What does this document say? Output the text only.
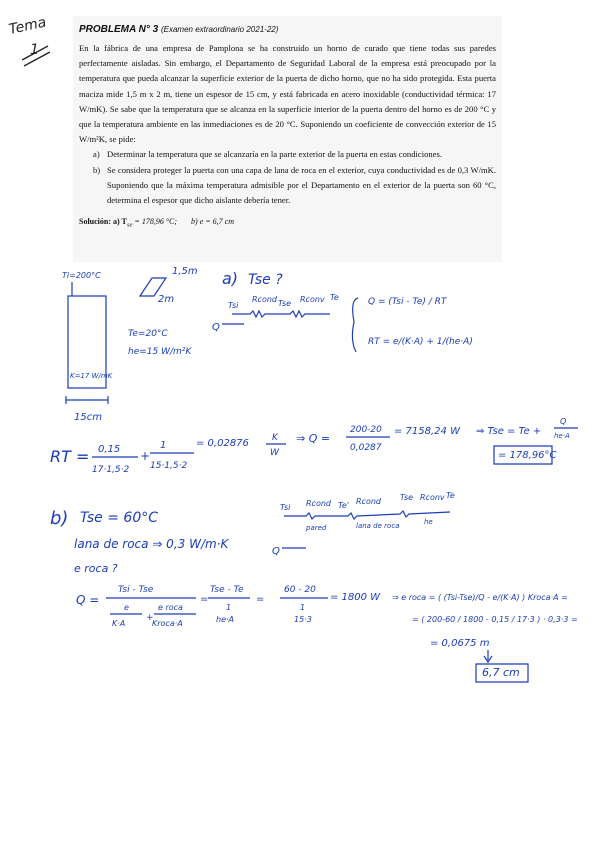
PROBLEMA N° 3 (Examen extraordinario 2021-22)

En la fábrica de una empresa de Pamplona se ha construido un horno de curado que tiene todas sus paredes perfectamente aisladas. Sin embargo, el Departamento de Seguridad Laboral de la empresa está preocupado por la temperatura que pueda alcanzar la superficie exterior de la puerta de dicho horno, que no ha sido protegida. Esta puerta maciza mide 1,5 m x 2 m, tiene un espesor de 15 cm, y está fabricada en acero inoxidable (conductividad térmica: 17 W/mK). Se sabe que la temperatura que se alcanza en la superficie interior de la puerta dentro del horno es de 200 °C y que la temperatura ambiente en las inmediaciones es de 20 °C. Suponiendo un coeficiente de convección exterior de 15 W/m²K, se pide:

a) Determinar la temperatura que se alcanzaría en la parte exterior de la puerta en estas condiciones.
b) Se considera proteger la puerta con una capa de lana de roca en el exterior, cuya conductividad es de 0,3 W/mK. Suponiendo que la máxima temperatura admisible por el Departamento en el exterior de la puerta son 60 °C, determina el espesor que dicho aislante debería tener.
Solución: a) $T_{se} = 178,96$ °C; b) e = 6,7 cm
Tema
1
Ti=200°C
K=17 W/mK
15cm
1,5m
2m
Te=20°C
he=15 W/m²K
a) Tse ?
Tsi
Rcond Tse Rconv Te
Q
Q = (Tsi - Te) / RT
RT = e/(K·A) + 1/(he·A)
RT = 0,15
17·1,5·2
+
1
15·1,5·2
= 0,02876	K
W
⇒ Q =
200-20
0,0287
= 7158,24 W ⇒ Tse = Te +
Q
he·A
= 178,96°C
b) Tse = 60°C
lana de roca ⇒ 0,3 W/m·K
e roca ?
Tsi Rcond Te' Rcond Tse Rconv Te
pared	lana de roca	he
Q
Q =
Tsi - Tse
e
K·A
+
e roca
Kroca·A
=
Tse - Te
1
he·A
=
60 - 20
1
15·3
= 1800 W ⇒ e roca = ( (Tsi-Tse)/Q - e/(K·A) ) Kroca·A =
= ( 200-60 / 1800 - 0,15 / 17·3 ) · 0,3·3 =
= 0,0675 m
6,7 cm
